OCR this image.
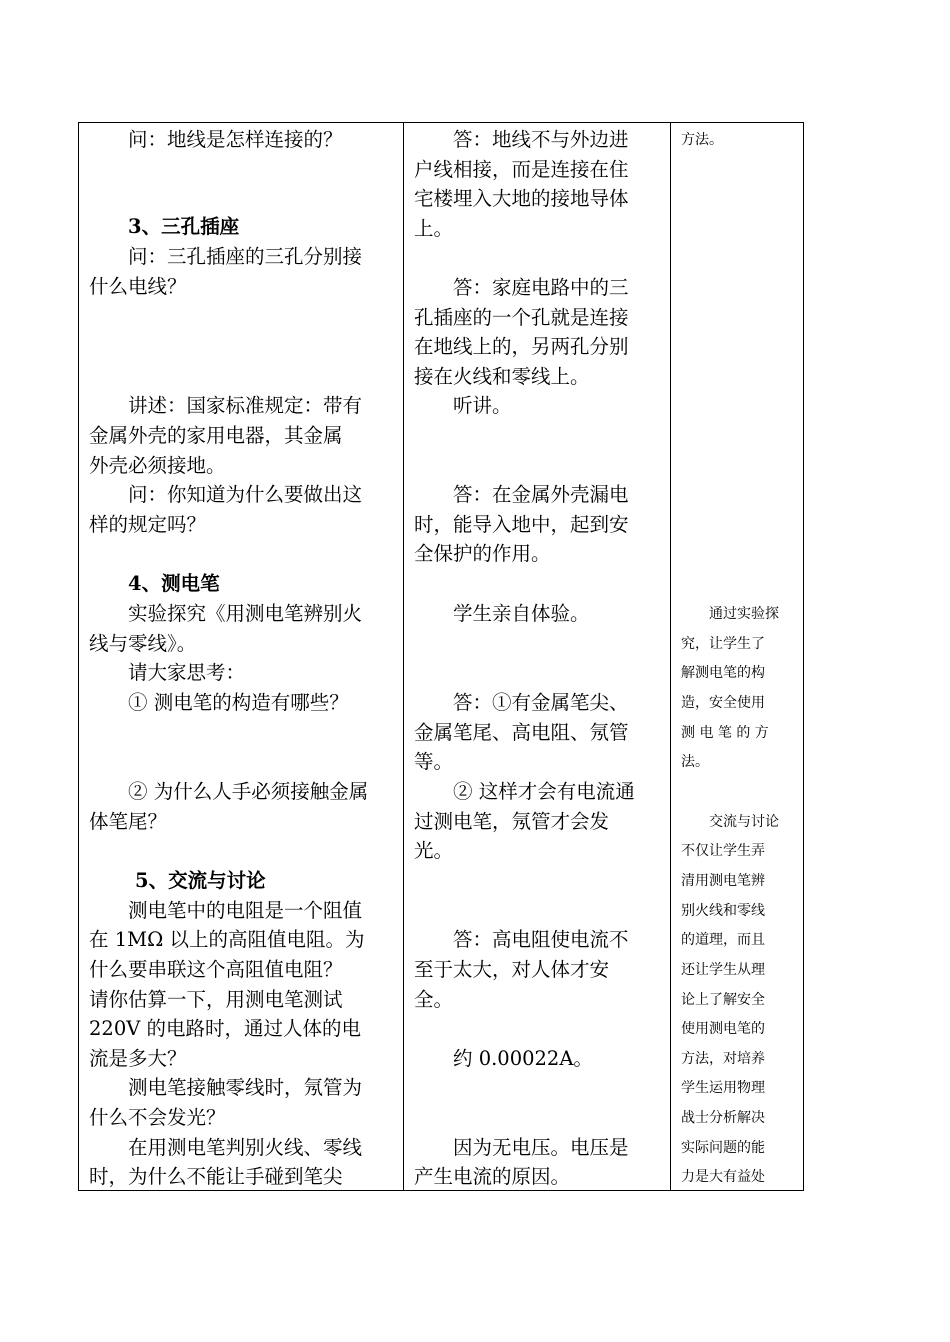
问：地线是怎样连接的？
3、三孔插座
问：三孔插座的三孔分别接
什么电线？
讲述：国家标准规定：带有
金属外壳的家用电器，其金属
外壳必须接地。
问：你知道为什么要做出这
样的规定吗？
4、测电笔
实验探究《用测电笔辨别火
线与零线》。
请大家思考：
① 测电笔的构造有哪些？
② 为什么人手必须接触金属
体笔尾？
5、交流与讨论
测电笔中的电阻是一个阻值
在 1MΩ 以上的高阻值电阻。为
什么要串联这个高阻值电阻？
请你估算一下，用测电笔测试
220V 的电路时，通过人体的电
流是多大？
测电笔接触零线时，氖管为
什么不会发光？
在用测电笔判别火线、零线
时，为什么不能让手碰到笔尖
答：地线不与外边进
户线相接，而是连接在住
宅楼埋入大地的接地导体
上。
答：家庭电路中的三
孔插座的一个孔就是连接
在地线上的，另两孔分别
接在火线和零线上。
听讲。
答：在金属外壳漏电
时，能导入地中，起到安
全保护的作用。
学生亲自体验。
答：①有金属笔尖、
金属笔尾、高电阻、氖管
等。
② 这样才会有电流通
过测电笔，氖管才会发
光。
答：高电阻使电流不
至于太大，对人体才安
全。
约 0.00022A。
因为无电压。电压是
产生电流的原因。
方法。
通过实验探
究，让学生了
解测电笔的构
造，安全使用
测 电 笔 的 方
法。
交流与讨论
不仅让学生弄
清用测电笔辨
别火线和零线
的道理，而且
还让学生从理
论上了解安全
使用测电笔的
方法，对培养
学生运用物理
战士分析解决
实际问题的能
力是大有益处
